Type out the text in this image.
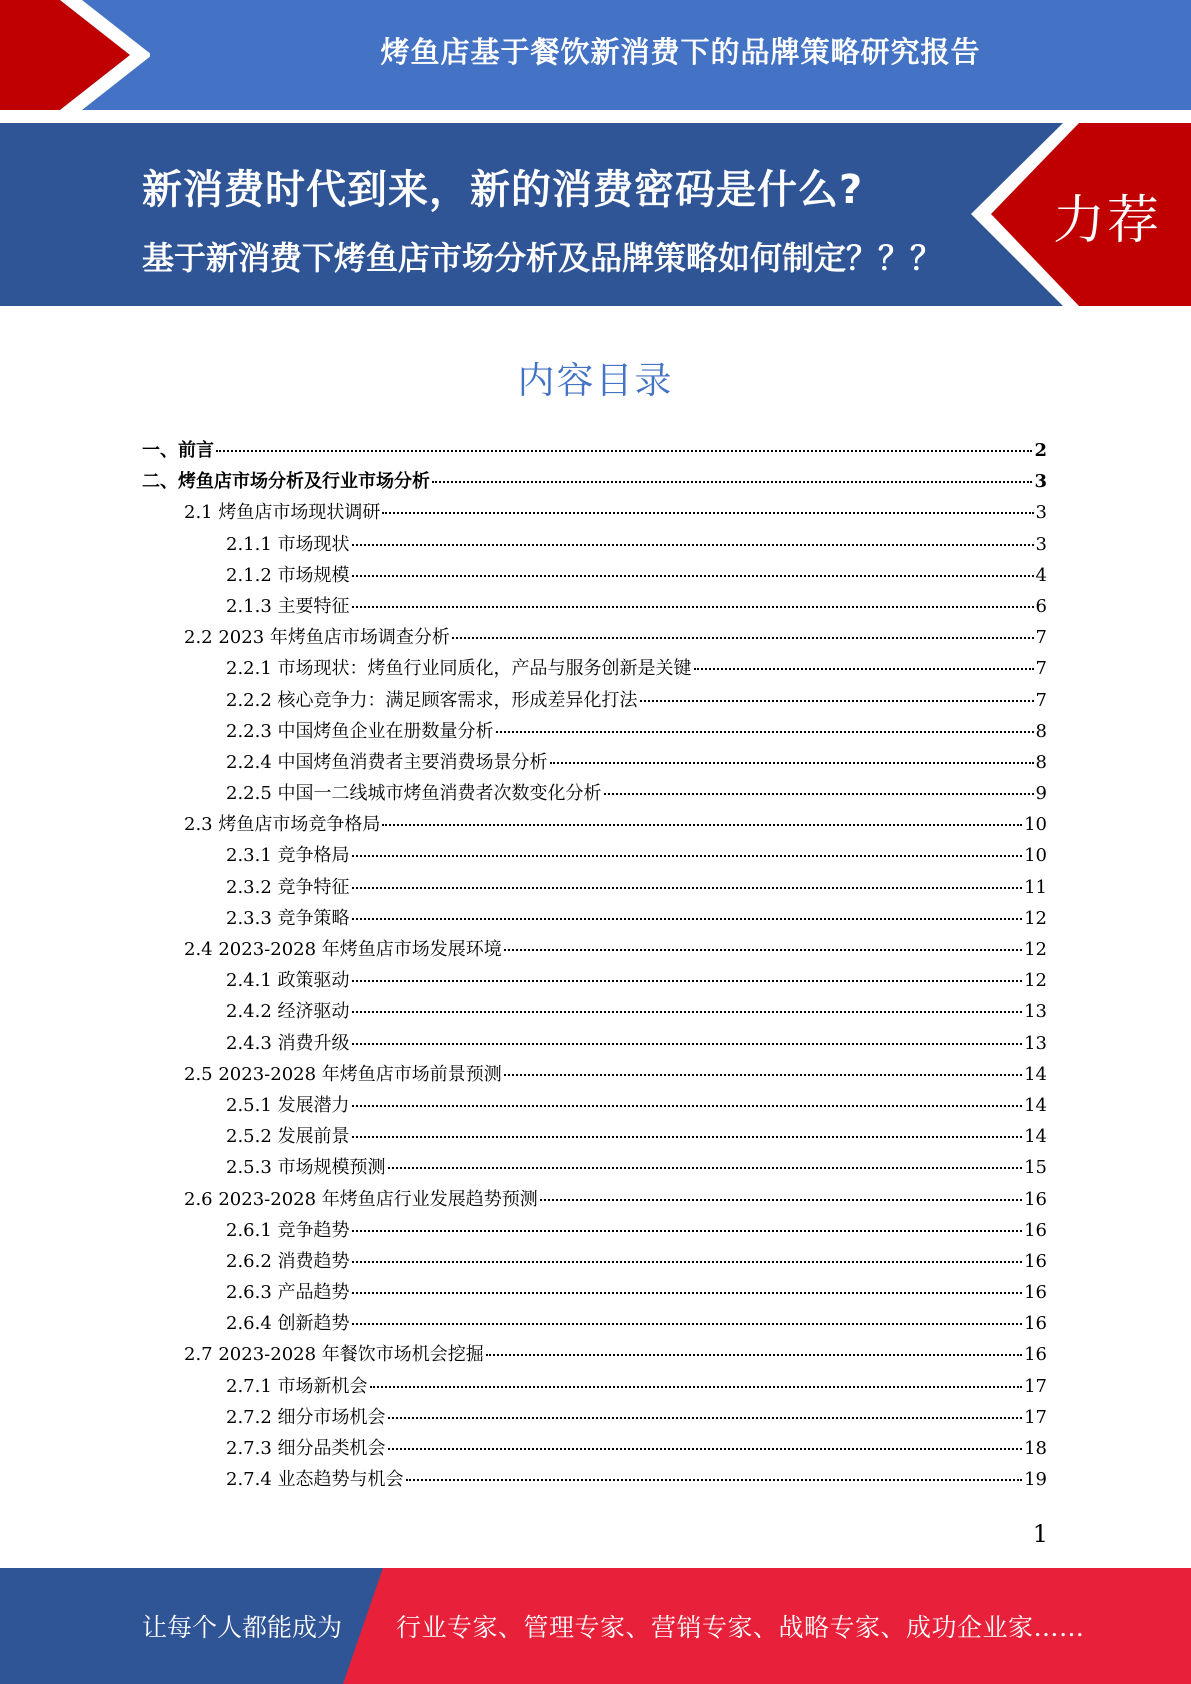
烤鱼店基于餐饮新消费下的品牌策略研究报告
新消费时代到来，新的消费密码是什么?
基于新消费下烤鱼店市场分析及品牌策略如何制定？？？
力荐
内容目录
一、前言	2
二、烤鱼店市场分析及行业市场分析	3
2.1 烤鱼店市场现状调研	3
2.1.1 市场现状	3
2.1.2 市场规模	4
2.1.3 主要特征	6
2.2 2023 年烤鱼店市场调查分析	7
2.2.1 市场现状：烤鱼行业同质化，产品与服务创新是关键	7
2.2.2 核心竞争力：满足顾客需求，形成差异化打法	7
2.2.3 中国烤鱼企业在册数量分析	8
2.2.4 中国烤鱼消费者主要消费场景分析	8
2.2.5 中国一二线城市烤鱼消费者次数变化分析	9
2.3 烤鱼店市场竞争格局	10
2.3.1 竞争格局	10
2.3.2 竞争特征	11
2.3.3 竞争策略	12
2.4 2023-2028 年烤鱼店市场发展环境	12
2.4.1 政策驱动	12
2.4.2 经济驱动	13
2.4.3 消费升级	13
2.5 2023-2028 年烤鱼店市场前景预测	14
2.5.1 发展潜力	14
2.5.2 发展前景	14
2.5.3 市场规模预测	15
2.6 2023-2028 年烤鱼店行业发展趋势预测	16
2.6.1 竞争趋势	16
2.6.2 消费趋势	16
2.6.3 产品趋势	16
2.6.4 创新趋势	16
2.7 2023-2028 年餐饮市场机会挖掘	16
2.7.1 市场新机会	17
2.7.2 细分市场机会	17
2.7.3 细分品类机会	18
2.7.4 业态趋势与机会	19
1
让每个人都能成为 行业专家、管理专家、营销专家、战略专家、成功企业家……
